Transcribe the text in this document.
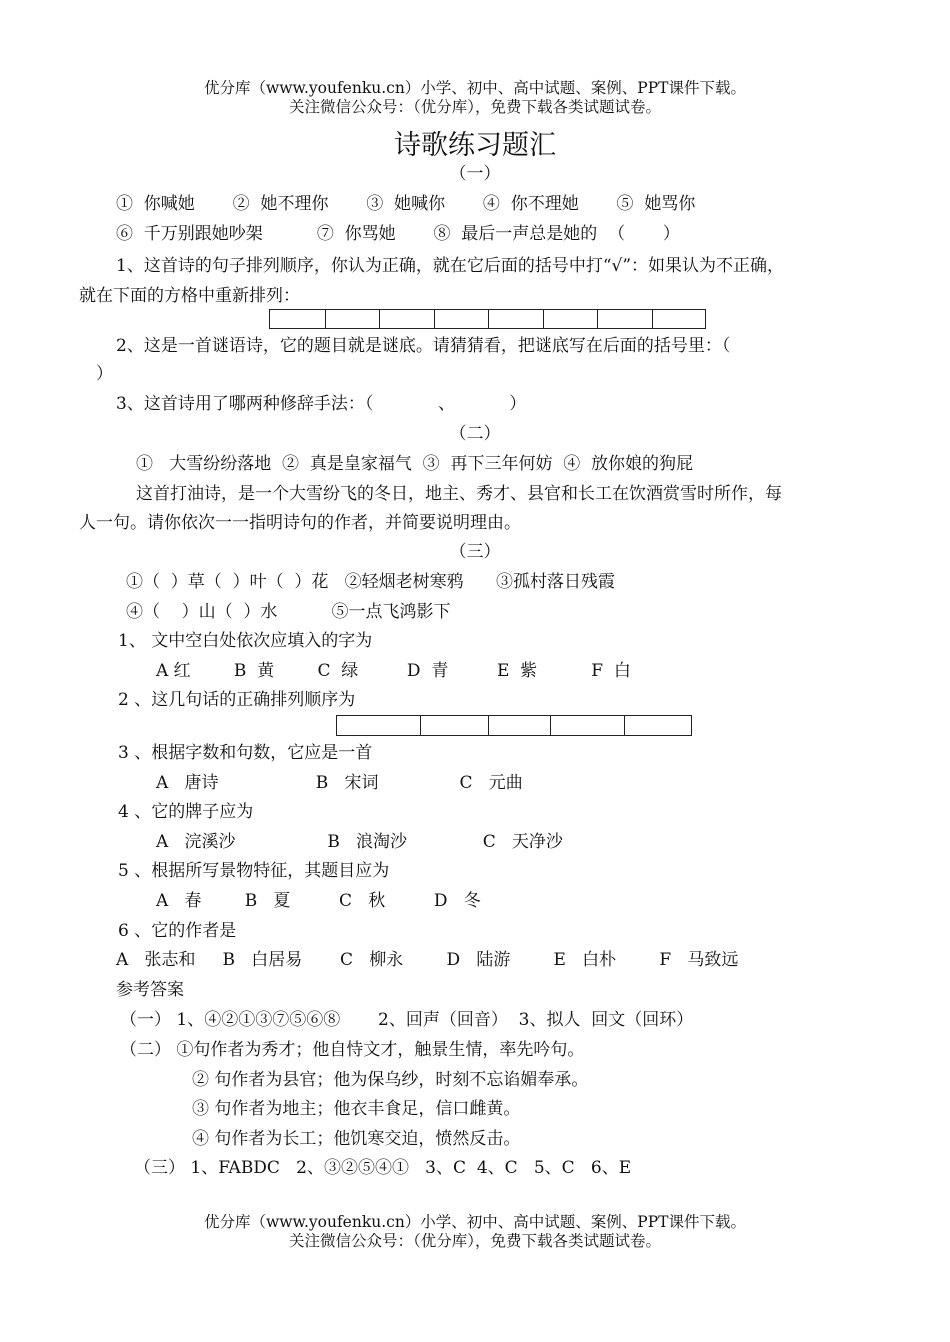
优分库（www.youfenku.cn）小学、初中、高中试题、案例、PPT课件下载。
关注微信公众号：（优分库），免费下载各类试题试卷。
诗歌练习题汇
（一）
①  你喊她       ②  她不理你       ③  她喊你       ④  你不理她       ⑤  她骂你
⑥  千万别跟她吵架          ⑦  你骂她       ⑧  最后一声总是她的  （       ）
1、这首诗的句子排列顺序，你认为正确，就在它后面的括号中打“√”：如果认为不正确，
就在下面的方格中重新排列：
2、这是一首谜语诗，它的题目就是谜底。请猜猜看，把谜底写在后面的括号里：（
）
3、这首诗用了哪两种修辞手法：（            、          ）
（二）
①   大雪纷纷落地  ②  真是皇家福气  ③  再下三年何妨  ④  放你娘的狗屁
这首打油诗，是一个大雪纷飞的冬日，地主、秀才、县官和长工在饮酒赏雪时所作，每
人一句。请你依次一一指明诗句的作者，并简要说明理由。
（三）
①（  ）草（  ）叶（  ）花   ②轻烟老树寒鸦      ③孤村落日残霞
④（    ）山（  ）水          ⑤一点飞鸿影下
1、 文中空白处依次应填入的字为
A 红        B  黄        C  绿         D  青         E  紫          F  白
2 、这几句话的正确排列顺序为
3 、根据字数和句数，它应是一首
A   唐诗                  B   宋词               C   元曲
4 、它的牌子应为
A   浣溪沙                 B   浪淘沙              C   天净沙
5 、根据所写景物特征，其题目应为
A   春        B   夏         C   秋         D   冬
6 、它的作者是
A   张志和     B   白居易       C   柳永        D   陆游        E   白朴        F   马致远
参考答案
（一） 1、④②①③⑦⑤⑥⑧       2、回声（回音）  3、拟人  回文（回环）
（二） ①句作者为秀才；他自恃文才，触景生情，率先吟句。
② 句作者为县官；他为保乌纱，时刻不忘谄媚奉承。
③ 句作者为地主；他衣丰食足，信口雌黄。
④ 句作者为长工；他饥寒交迫，愤然反击。
（三） 1、FABDC   2、③②⑤④①   3、C  4、C   5、C   6、E
优分库（www.youfenku.cn）小学、初中、高中试题、案例、PPT课件下载。
关注微信公众号：（优分库），免费下载各类试题试卷。
